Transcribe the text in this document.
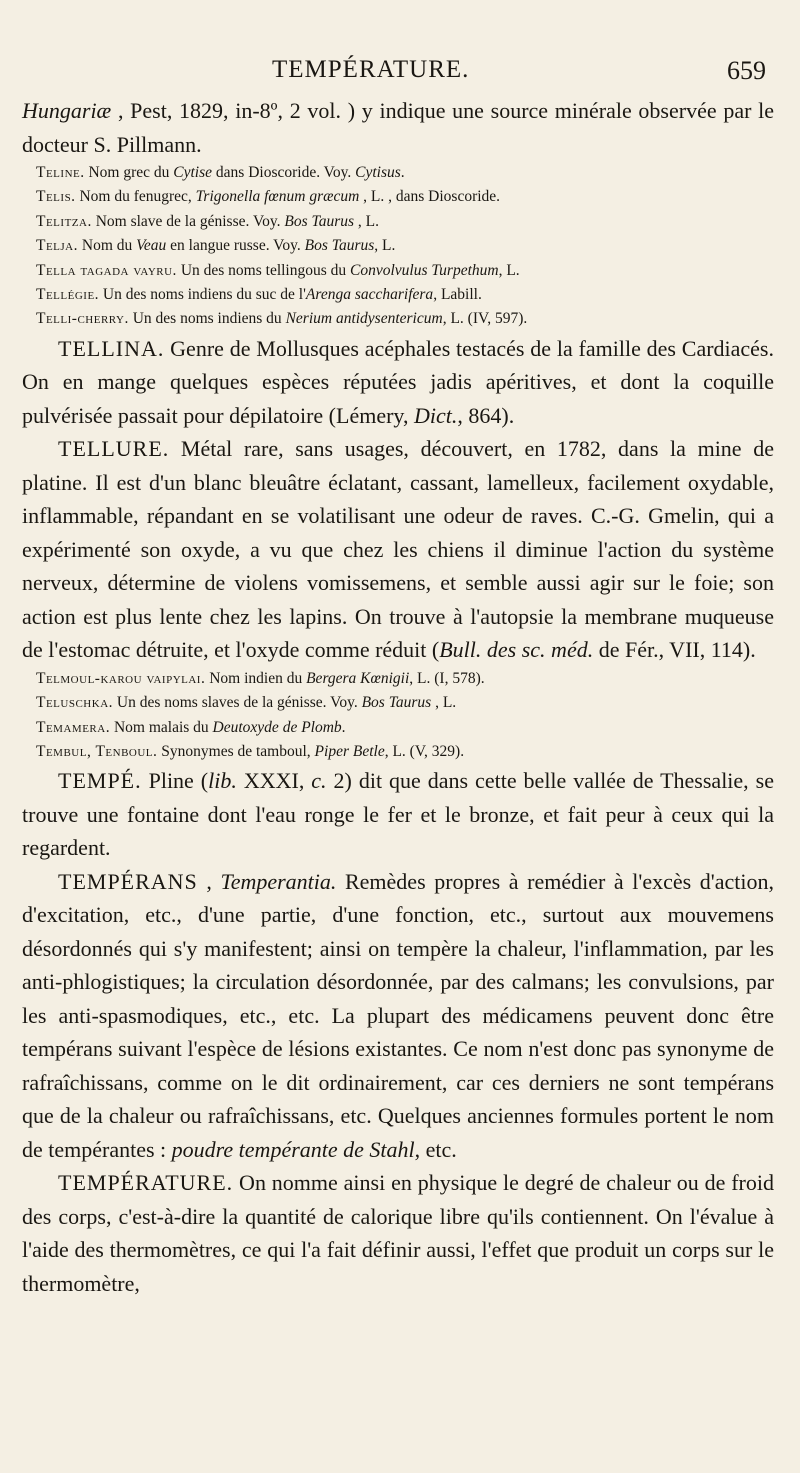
TEMPÉRATURE.	659

Hungariæ , Pest, 1829, in-8º, 2 vol. ) y indique une source minérale observée par le docteur S. Pillmann.

Teline. Nom grec du Cytise dans Dioscoride. Voy. Cytisus.

Telis. Nom du fenugrec, Trigonella fœnum græcum , L. , dans Dioscoride.

Telitza. Nom slave de la génisse. Voy. Bos Taurus , L.

Telja. Nom du Veau en langue russe. Voy. Bos Taurus, L.

Tella tagada vayru. Un des noms tellingous du Convolvulus Turpethum, L.

Tellégie. Un des noms indiens du suc de l'Arenga saccharifera, Labill.

Telli-cherry. Un des noms indiens du Nerium antidysentericum, L. (IV, 597).

TELLINA. Genre de Mollusques acéphales testacés de la famille des Cardiacés. On en mange quelques espèces réputées jadis apéritives, et dont la coquille pulvérisée passait pour dépilatoire (Lémery, Dict., 864).

TELLURE. Métal rare, sans usages, découvert, en 1782, dans la mine de platine. Il est d'un blanc bleuâtre éclatant, cassant, lamelleux, facilement oxydable, inflammable, répandant en se volatilisant une odeur de raves. C.-G. Gmelin, qui a expérimenté son oxyde, a vu que chez les chiens il diminue l'action du système nerveux, détermine de violens vomissemens, et semble aussi agir sur le foie; son action est plus lente chez les lapins. On trouve à l'autopsie la membrane muqueuse de l'estomac détruite, et l'oxyde comme réduit (Bull. des sc. méd. de Fér., VII, 114).

Telmoul-karou vaipylai. Nom indien du Bergera Kœnigii, L. (I, 578).

Teluschka. Un des noms slaves de la génisse. Voy. Bos Taurus , L.

Temamera. Nom malais du Deutoxyde de Plomb.

Tembul, Tenboul. Synonymes de tamboul, Piper Betle, L. (V, 329).

TEMPÉ. Pline (lib. XXXI, c. 2) dit que dans cette belle vallée de Thessalie, se trouve une fontaine dont l'eau ronge le fer et le bronze, et fait peur à ceux qui la regardent.

TEMPÉRANS , Temperantia. Remèdes propres à remédier à l'excès d'action, d'excitation, etc., d'une partie, d'une fonction, etc., surtout aux mouvemens désordonnés qui s'y manifestent; ainsi on tempère la chaleur, l'inflammation, par les anti-phlogistiques; la circulation désordonnée, par des calmans; les convulsions, par les anti-spasmodiques, etc., etc. La plupart des médicamens peuvent donc être tempérans suivant l'espèce de lésions existantes. Ce nom n'est donc pas synonyme de rafraîchissans, comme on le dit ordinairement, car ces derniers ne sont tempérans que de la chaleur ou rafraîchissans, etc. Quelques anciennes formules portent le nom de tempérantes : poudre tempérante de Stahl, etc.

TEMPÉRATURE. On nomme ainsi en physique le degré de chaleur ou de froid des corps, c'est-à-dire la quantité de calorique libre qu'ils contiennent. On l'évalue à l'aide des thermomètres, ce qui l'a fait définir aussi, l'effet que produit un corps sur le thermomètre,
